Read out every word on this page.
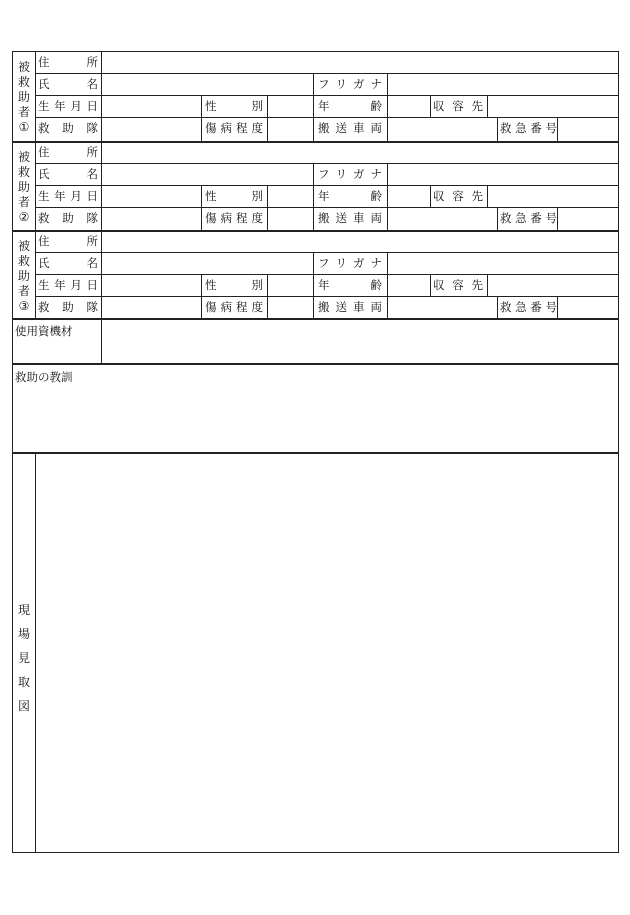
被
救
助
者
①
住　所
氏　名	フ リ ガ ナ
生 年 月 日	性　別	年　齢	収 容 先
救　助　隊	傷 病 程 度	搬 送 車 両	救 急 番 号
被
救
助
者
②
住　所
氏　名	フ リ ガ ナ
生 年 月 日	性　別	年　齢	収 容 先
救　助　隊	傷 病 程 度	搬 送 車 両	救 急 番 号
被
救
助
者
③
住　所
氏　名	フ リ ガ ナ
生 年 月 日	性　別	年　齢	収 容 先
救　助　隊	傷 病 程 度	搬 送 車 両	救 急 番 号
使用資機材
救助の教訓
現
場
見
取
図
